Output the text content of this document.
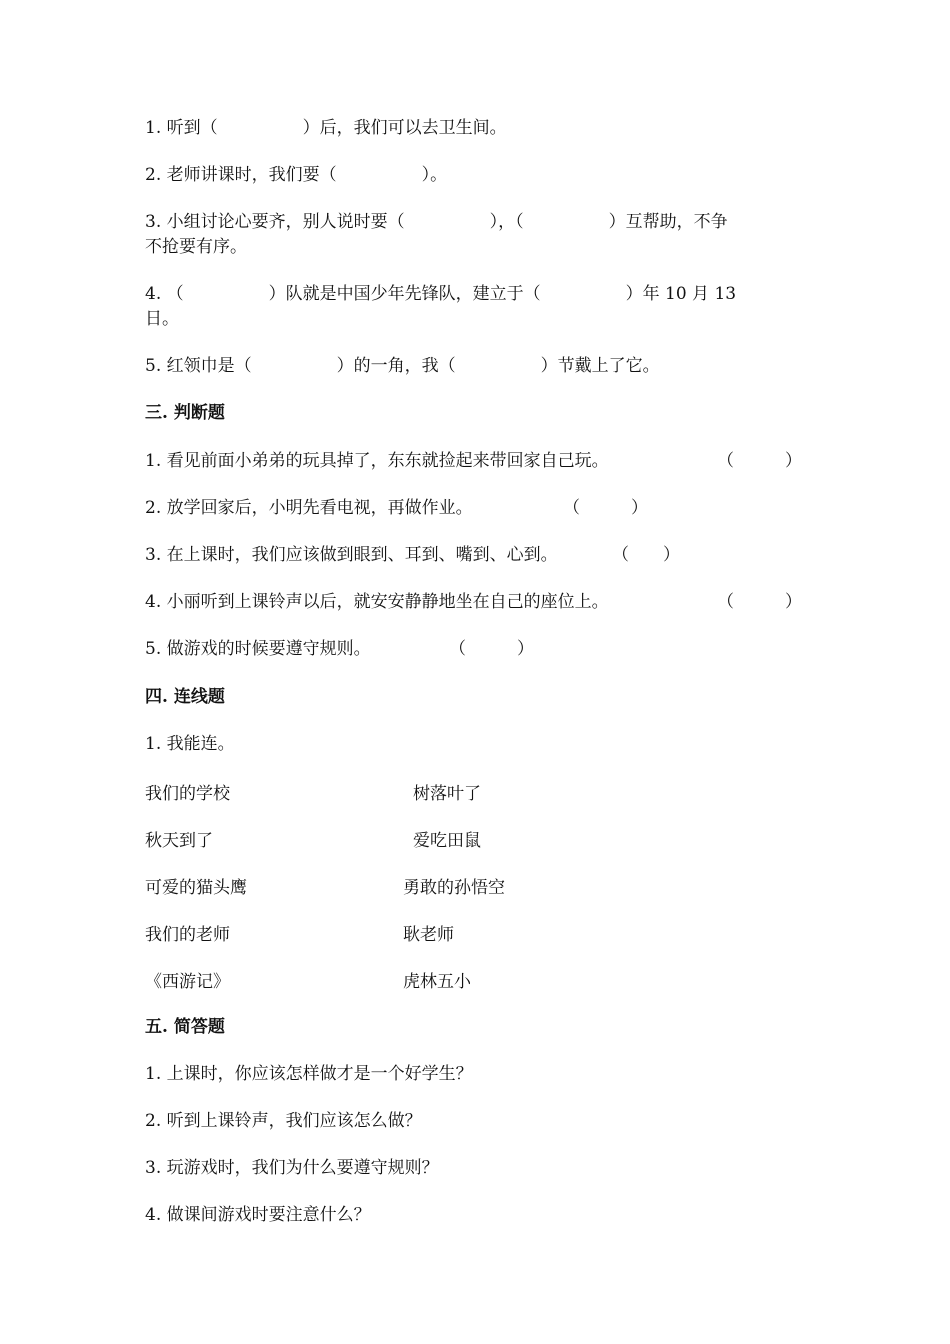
1. 听到（　　　　　）后，我们可以去卫生间。
2. 老师讲课时，我们要（　　　　　）。
3. 小组讨论心要齐，别人说时要（　　　　　），（　　　　　）互帮助，不争
不抢要有序。
4. （　　　　　）队就是中国少年先锋队，建立于（　　　　　）年 10 月 13
日。
5. 红领巾是（　　　　　）的一角，我（　　　　　）节戴上了它。
三. 判断题
1. 看见前面小弟弟的玩具掉了，东东就捡起来带回家自己玩。	（　　　）
2. 放学回家后，小明先看电视，再做作业。	（　　　）
3. 在上课时，我们应该做到眼到、耳到、嘴到、心到。	（　　）
4. 小丽听到上课铃声以后，就安安静静地坐在自己的座位上。	（　　　）
5. 做游戏的时候要遵守规则。	（　　　）
四. 连线题
1. 我能连。
我们的学校	树落叶了
秋天到了	爱吃田鼠
可爱的猫头鹰	勇敢的孙悟空
我们的老师	耿老师
《西游记》	虎林五小
五. 简答题
1. 上课时，你应该怎样做才是一个好学生？
2. 听到上课铃声，我们应该怎么做？
3. 玩游戏时，我们为什么要遵守规则？
4. 做课间游戏时要注意什么？
